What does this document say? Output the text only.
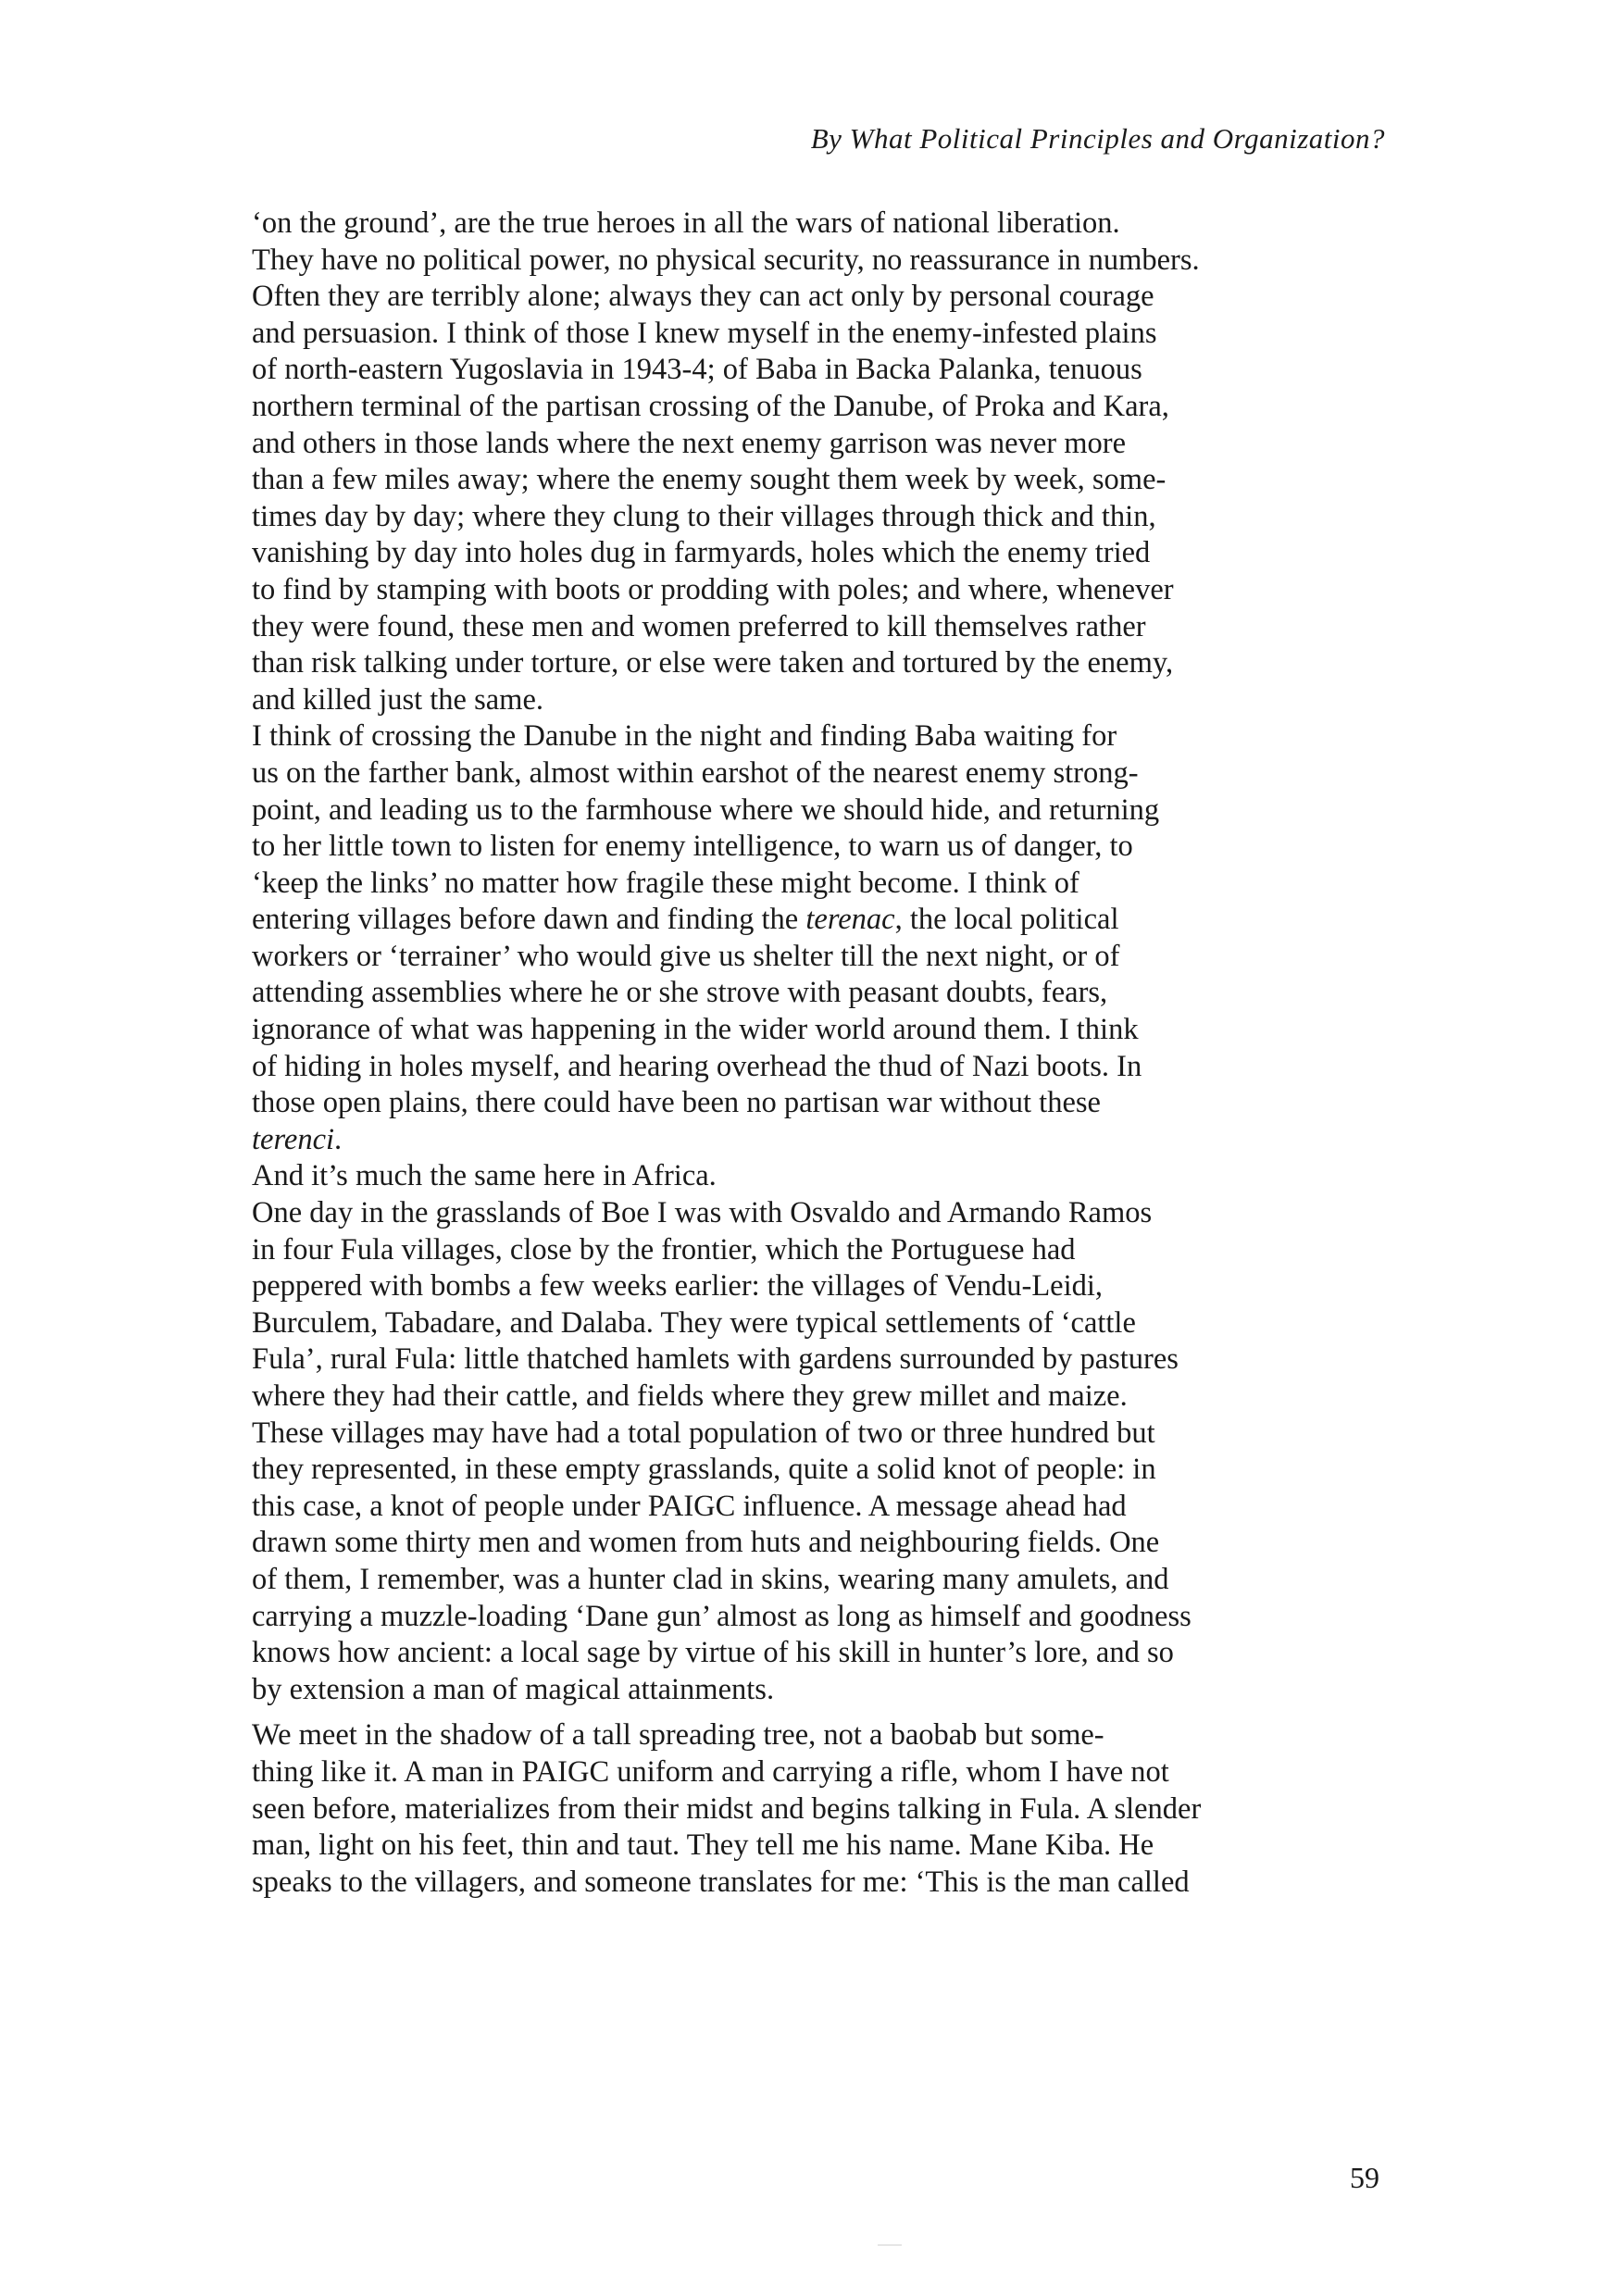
By What Political Principles and Organization?
‘on the ground’, are the true heroes in all the wars of national liberation.
They have no political power, no physical security, no reassurance in numbers.
Often they are terribly alone; always they can act only by personal courage
and persuasion. I think of those I knew myself in the enemy-infested plains
of north-eastern Yugoslavia in 1943-4; of Baba in Backa Palanka, tenuous
northern terminal of the partisan crossing of the Danube, of Proka and Kara,
and others in those lands where the next enemy garrison was never more
than a few miles away; where the enemy sought them week by week, some-
times day by day; where they clung to their villages through thick and thin,
vanishing by day into holes dug in farmyards, holes which the enemy tried
to find by stamping with boots or prodding with poles; and where, whenever
they were found, these men and women preferred to kill themselves rather
than risk talking under torture, or else were taken and tortured by the enemy,
and killed just the same.
I think of crossing the Danube in the night and finding Baba waiting for
us on the farther bank, almost within earshot of the nearest enemy strong-
point, and leading us to the farmhouse where we should hide, and returning
to her little town to listen for enemy intelligence, to warn us of danger, to
‘keep the links’ no matter how fragile these might become. I think of
entering villages before dawn and finding the terenac, the local political
workers or ‘terrainer’ who would give us shelter till the next night, or of
attending assemblies where he or she strove with peasant doubts, fears,
ignorance of what was happening in the wider world around them. I think
of hiding in holes myself, and hearing overhead the thud of Nazi boots. In
those open plains, there could have been no partisan war without these
terenci.
And it’s much the same here in Africa.
One day in the grasslands of Boe I was with Osvaldo and Armando Ramos
in four Fula villages, close by the frontier, which the Portuguese had
peppered with bombs a few weeks earlier: the villages of Vendu-Leidi,
Burculem, Tabadare, and Dalaba. They were typical settlements of ‘cattle
Fula’, rural Fula: little thatched hamlets with gardens surrounded by pastures
where they had their cattle, and fields where they grew millet and maize.
These villages may have had a total population of two or three hundred but
they represented, in these empty grasslands, quite a solid knot of people: in
this case, a knot of people under PAIGC influence. A message ahead had
drawn some thirty men and women from huts and neighbouring fields. One
of them, I remember, was a hunter clad in skins, wearing many amulets, and
carrying a muzzle-loading ‘Dane gun’ almost as long as himself and goodness
knows how ancient: a local sage by virtue of his skill in hunter’s lore, and so
by extension a man of magical attainments.
We meet in the shadow of a tall spreading tree, not a baobab but some-
thing like it. A man in PAIGC uniform and carrying a rifle, whom I have not
seen before, materializes from their midst and begins talking in Fula. A slender
man, light on his feet, thin and taut. They tell me his name. Mane Kiba. He
speaks to the villagers, and someone translates for me: ‘This is the man called
59
